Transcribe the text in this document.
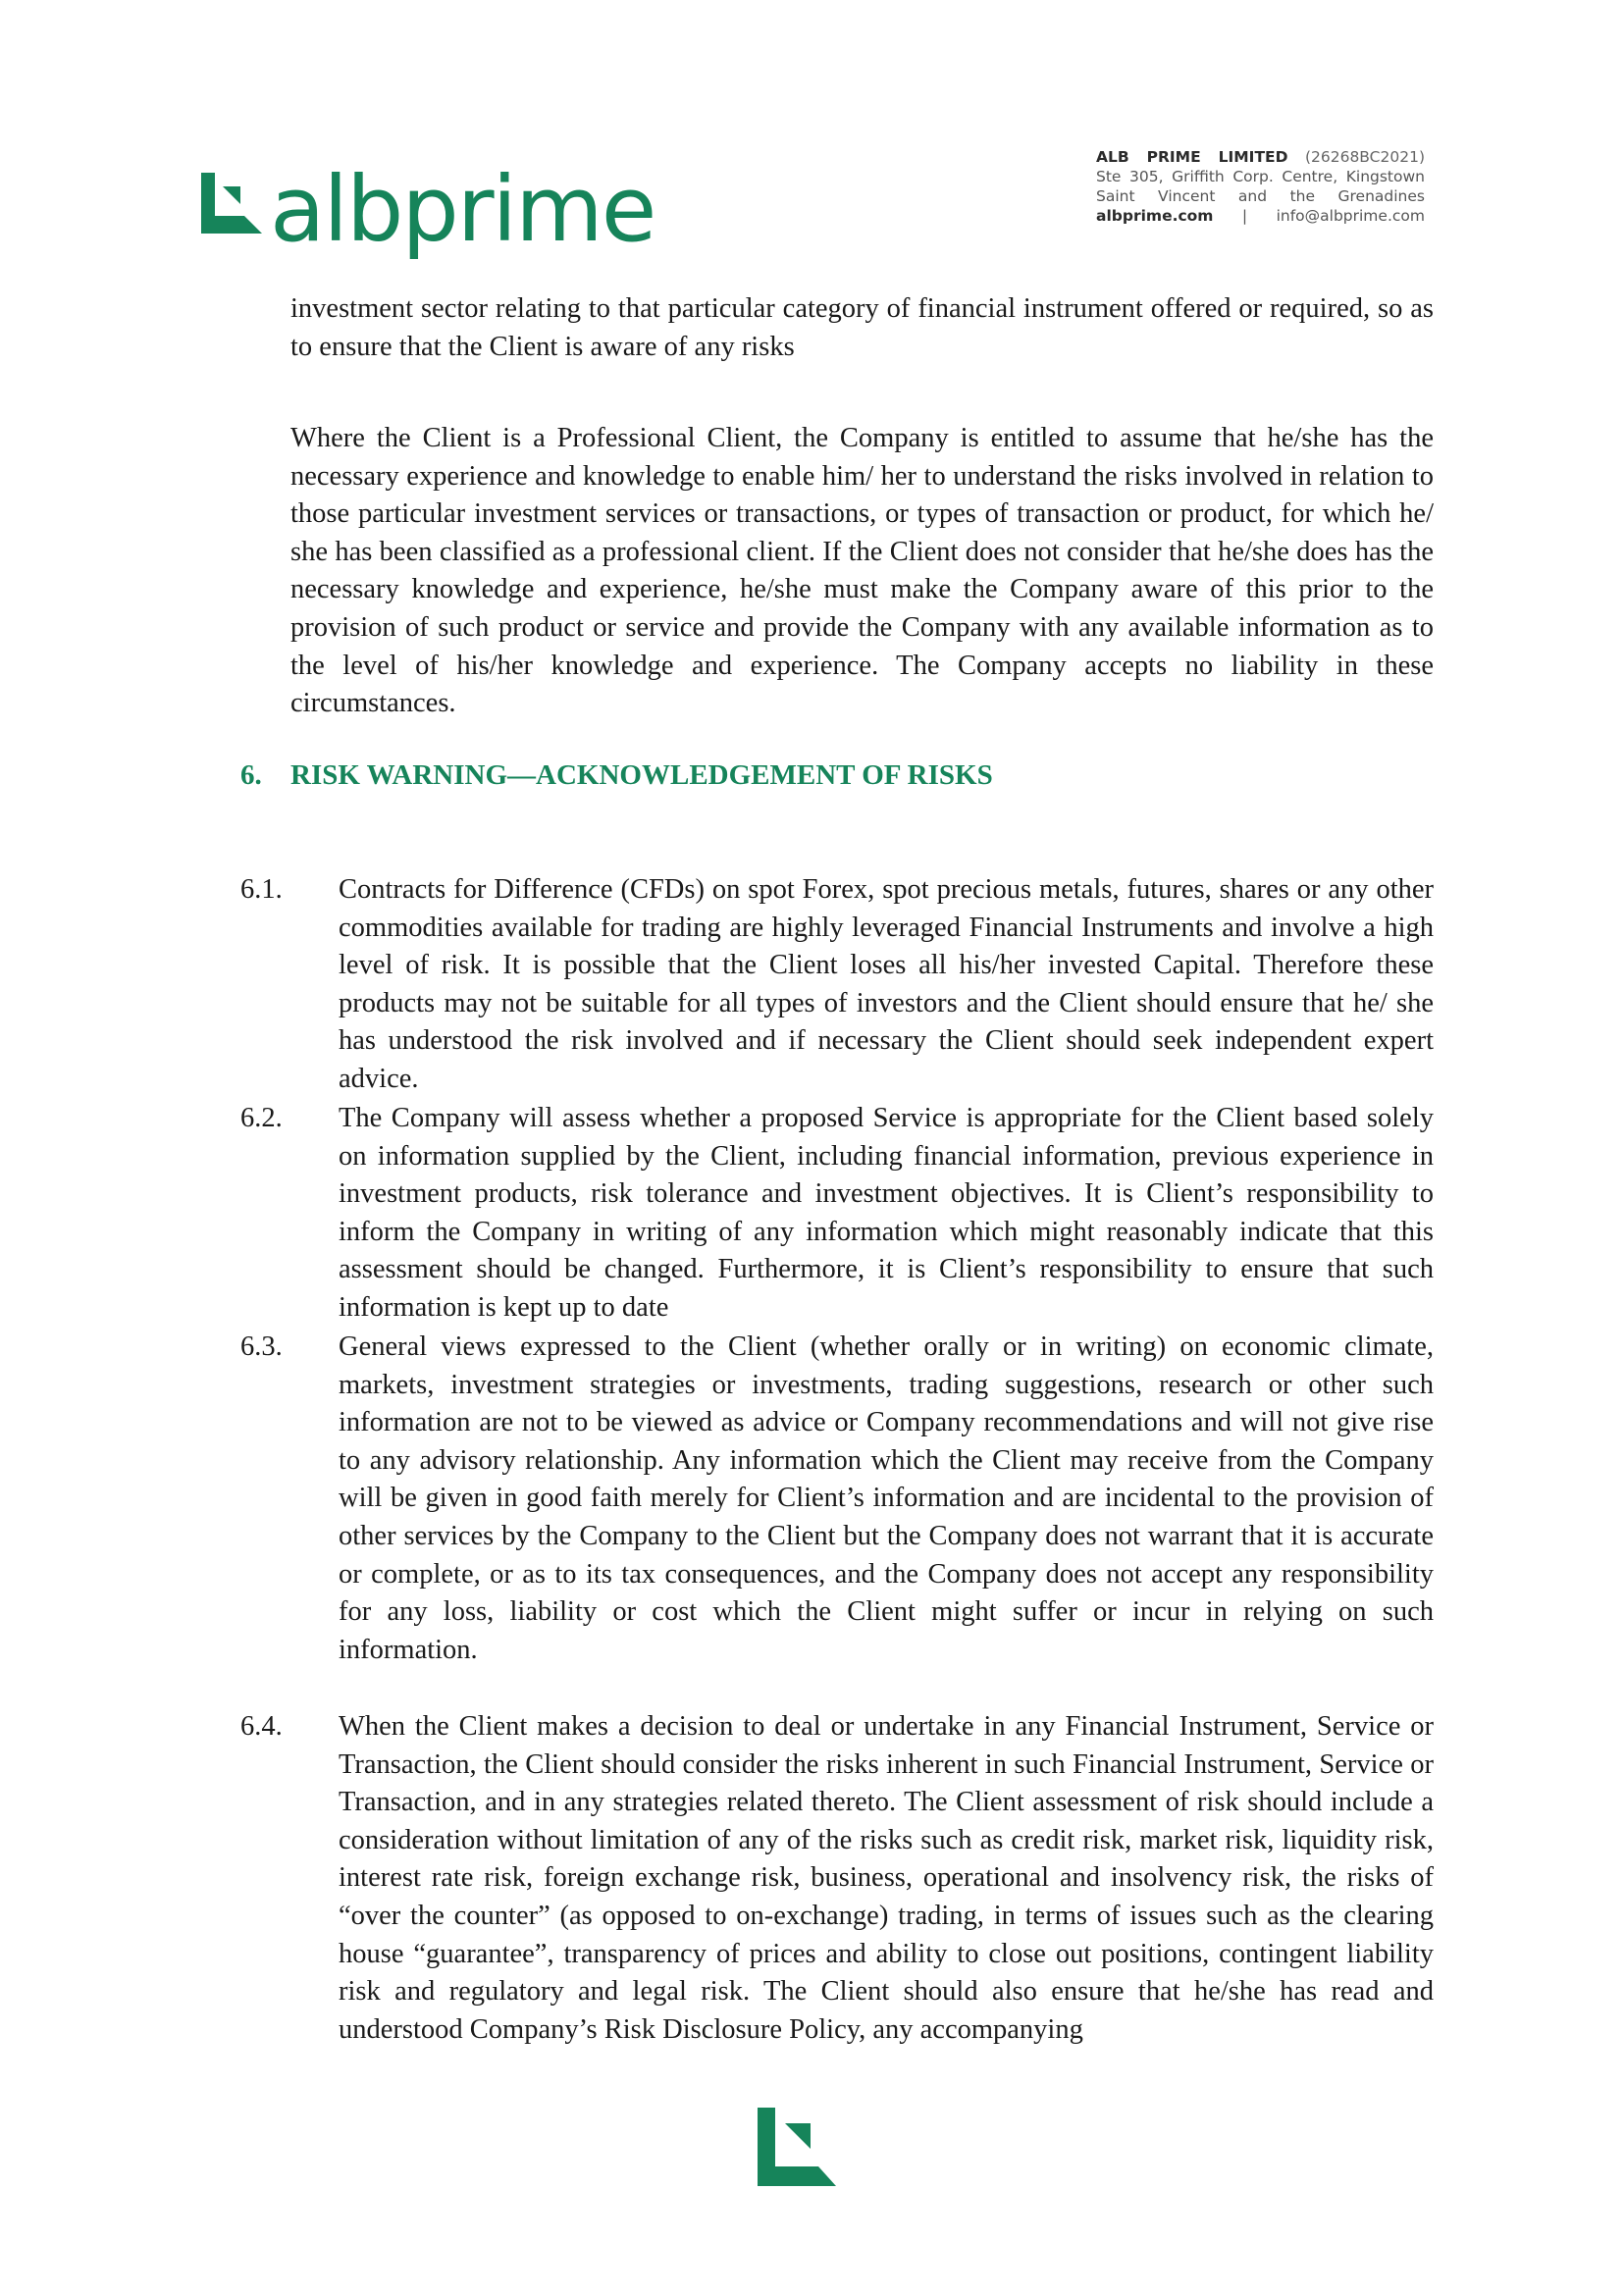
albprime	ALB PRIME LIMITED (26268BC2021)
Ste 305, Griffith Corp. Centre, Kingstown
Saint Vincent and the Grenadines
albprime.com | info@albprime.com
investment sector relating to that particular category of financial instrument offered or required, so as to ensure that the Client is aware of any risks
Where the Client is a Professional Client, the Company is entitled to assume that he/she has the necessary experience and knowledge to enable him/ her to understand the risks involved in relation to those particular investment services or transactions, or types of transaction or product, for which he/ she has been classified as a professional client. If the Client does not consider that he/she does has the necessary knowledge and experience, he/she must make the Company aware of this prior to the provision of such product or service and provide the Company with any available information as to the level of his/her knowledge and experience. The Company accepts no liability in these circumstances.
6. RISK WARNING—ACKNOWLEDGEMENT OF RISKS
6.1.	Contracts for Difference (CFDs) on spot Forex, spot precious metals, futures, shares or any other commodities available for trading are highly leveraged Financial Instruments and involve a high level of risk. It is possible that the Client loses all his/her invested Capital. Therefore these products may not be suitable for all types of investors and the Client should ensure that he/ she has understood the risk involved and if necessary the Client should seek independent expert advice.
6.2.	The Company will assess whether a proposed Service is appropriate for the Client based solely on information supplied by the Client, including financial information, previous experience in investment products, risk tolerance and investment objectives. It is Client’s responsibility to inform the Company in writing of any information which might reasonably indicate that this assessment should be changed. Furthermore, it is Client’s responsibility to ensure that such information is kept up to date
6.3.	General views expressed to the Client (whether orally or in writing) on economic climate, markets, investment strategies or investments, trading suggestions, research or other such information are not to be viewed as advice or Company recommendations and will not give rise to any advisory relationship. Any information which the Client may receive from the Company will be given in good faith merely for Client’s information and are incidental to the provision of other services by the Company to the Client but the Company does not warrant that it is accurate or complete, or as to its tax consequences, and the Company does not accept any responsibility for any loss, liability or cost which the Client might suffer or incur in relying on such information.
6.4.	When the Client makes a decision to deal or undertake in any Financial Instrument, Service or Transaction, the Client should consider the risks inherent in such Financial Instrument, Service or Transaction, and in any strategies related thereto. The Client assessment of risk should include a consideration without limitation of any of the risks such as credit risk, market risk, liquidity risk, interest rate risk, foreign exchange risk, business, operational and insolvency risk, the risks of “over the counter” (as opposed to on-exchange) trading, in terms of issues such as the clearing house “guarantee”, transparency of prices and ability to close out positions, contingent liability risk and regulatory and legal risk. The Client should also ensure that he/she has read and understood Company’s Risk Disclosure Policy, any accompanying
